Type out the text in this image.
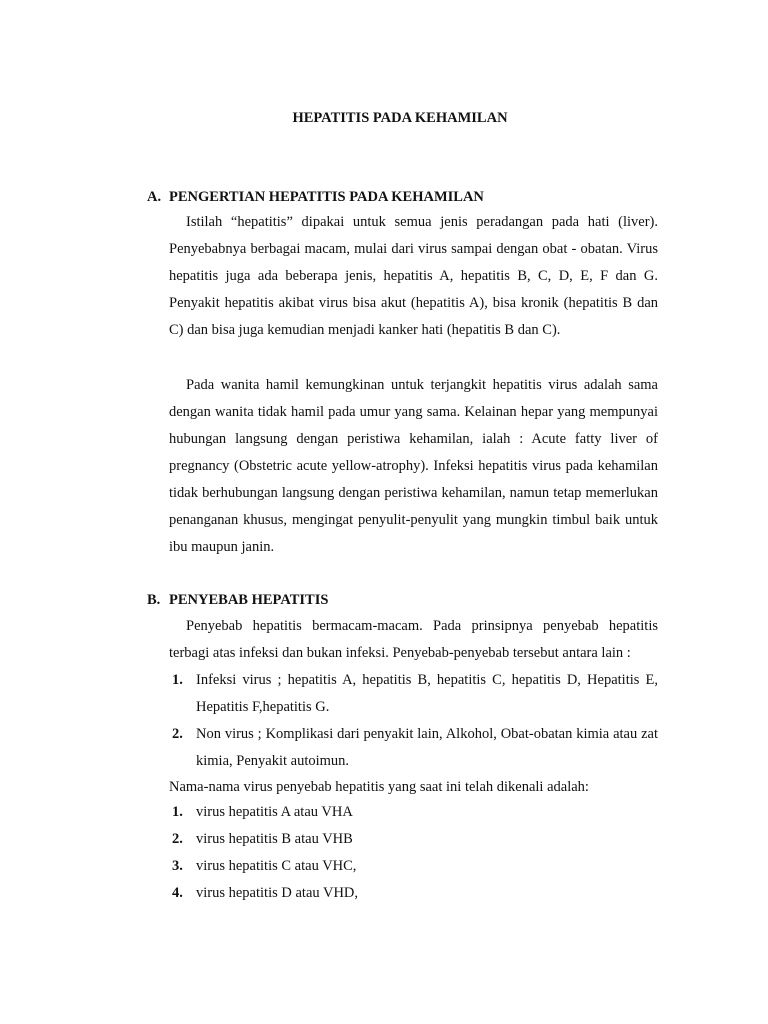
HEPATITIS PADA KEHAMILAN
A. PENGERTIAN HEPATITIS PADA KEHAMILAN
Istilah “hepatitis” dipakai untuk semua jenis peradangan pada hati (liver). Penyebabnya berbagai macam, mulai dari virus sampai dengan obat - obatan. Virus hepatitis juga ada beberapa jenis, hepatitis A, hepatitis B, C, D, E, F dan G. Penyakit hepatitis akibat virus bisa akut (hepatitis A), bisa kronik (hepatitis B dan C) dan bisa juga kemudian menjadi kanker hati (hepatitis B dan C).
Pada wanita hamil kemungkinan untuk terjangkit hepatitis virus adalah sama dengan wanita tidak hamil pada umur yang sama. Kelainan hepar yang mempunyai hubungan langsung dengan peristiwa kehamilan, ialah : Acute fatty liver of pregnancy (Obstetric acute yellow-atrophy). Infeksi hepatitis virus pada kehamilan tidak berhubungan langsung dengan peristiwa kehamilan, namun tetap memerlukan penanganan khusus, mengingat penyulit-penyulit yang mungkin timbul baik untuk ibu maupun janin.
B. PENYEBAB HEPATITIS
Penyebab hepatitis bermacam-macam. Pada prinsipnya penyebab hepatitis terbagi atas infeksi dan bukan infeksi. Penyebab-penyebab tersebut antara lain :
1. Infeksi virus ; hepatitis A, hepatitis B, hepatitis C, hepatitis D, Hepatitis E, Hepatitis F,hepatitis G.
2. Non virus ; Komplikasi dari penyakit lain, Alkohol, Obat-obatan kimia atau zat kimia, Penyakit autoimun.
Nama-nama virus penyebab hepatitis yang saat ini telah dikenali adalah:
1. virus hepatitis A atau VHA
2. virus hepatitis B atau VHB
3. virus hepatitis C atau VHC,
4. virus hepatitis D atau VHD,
